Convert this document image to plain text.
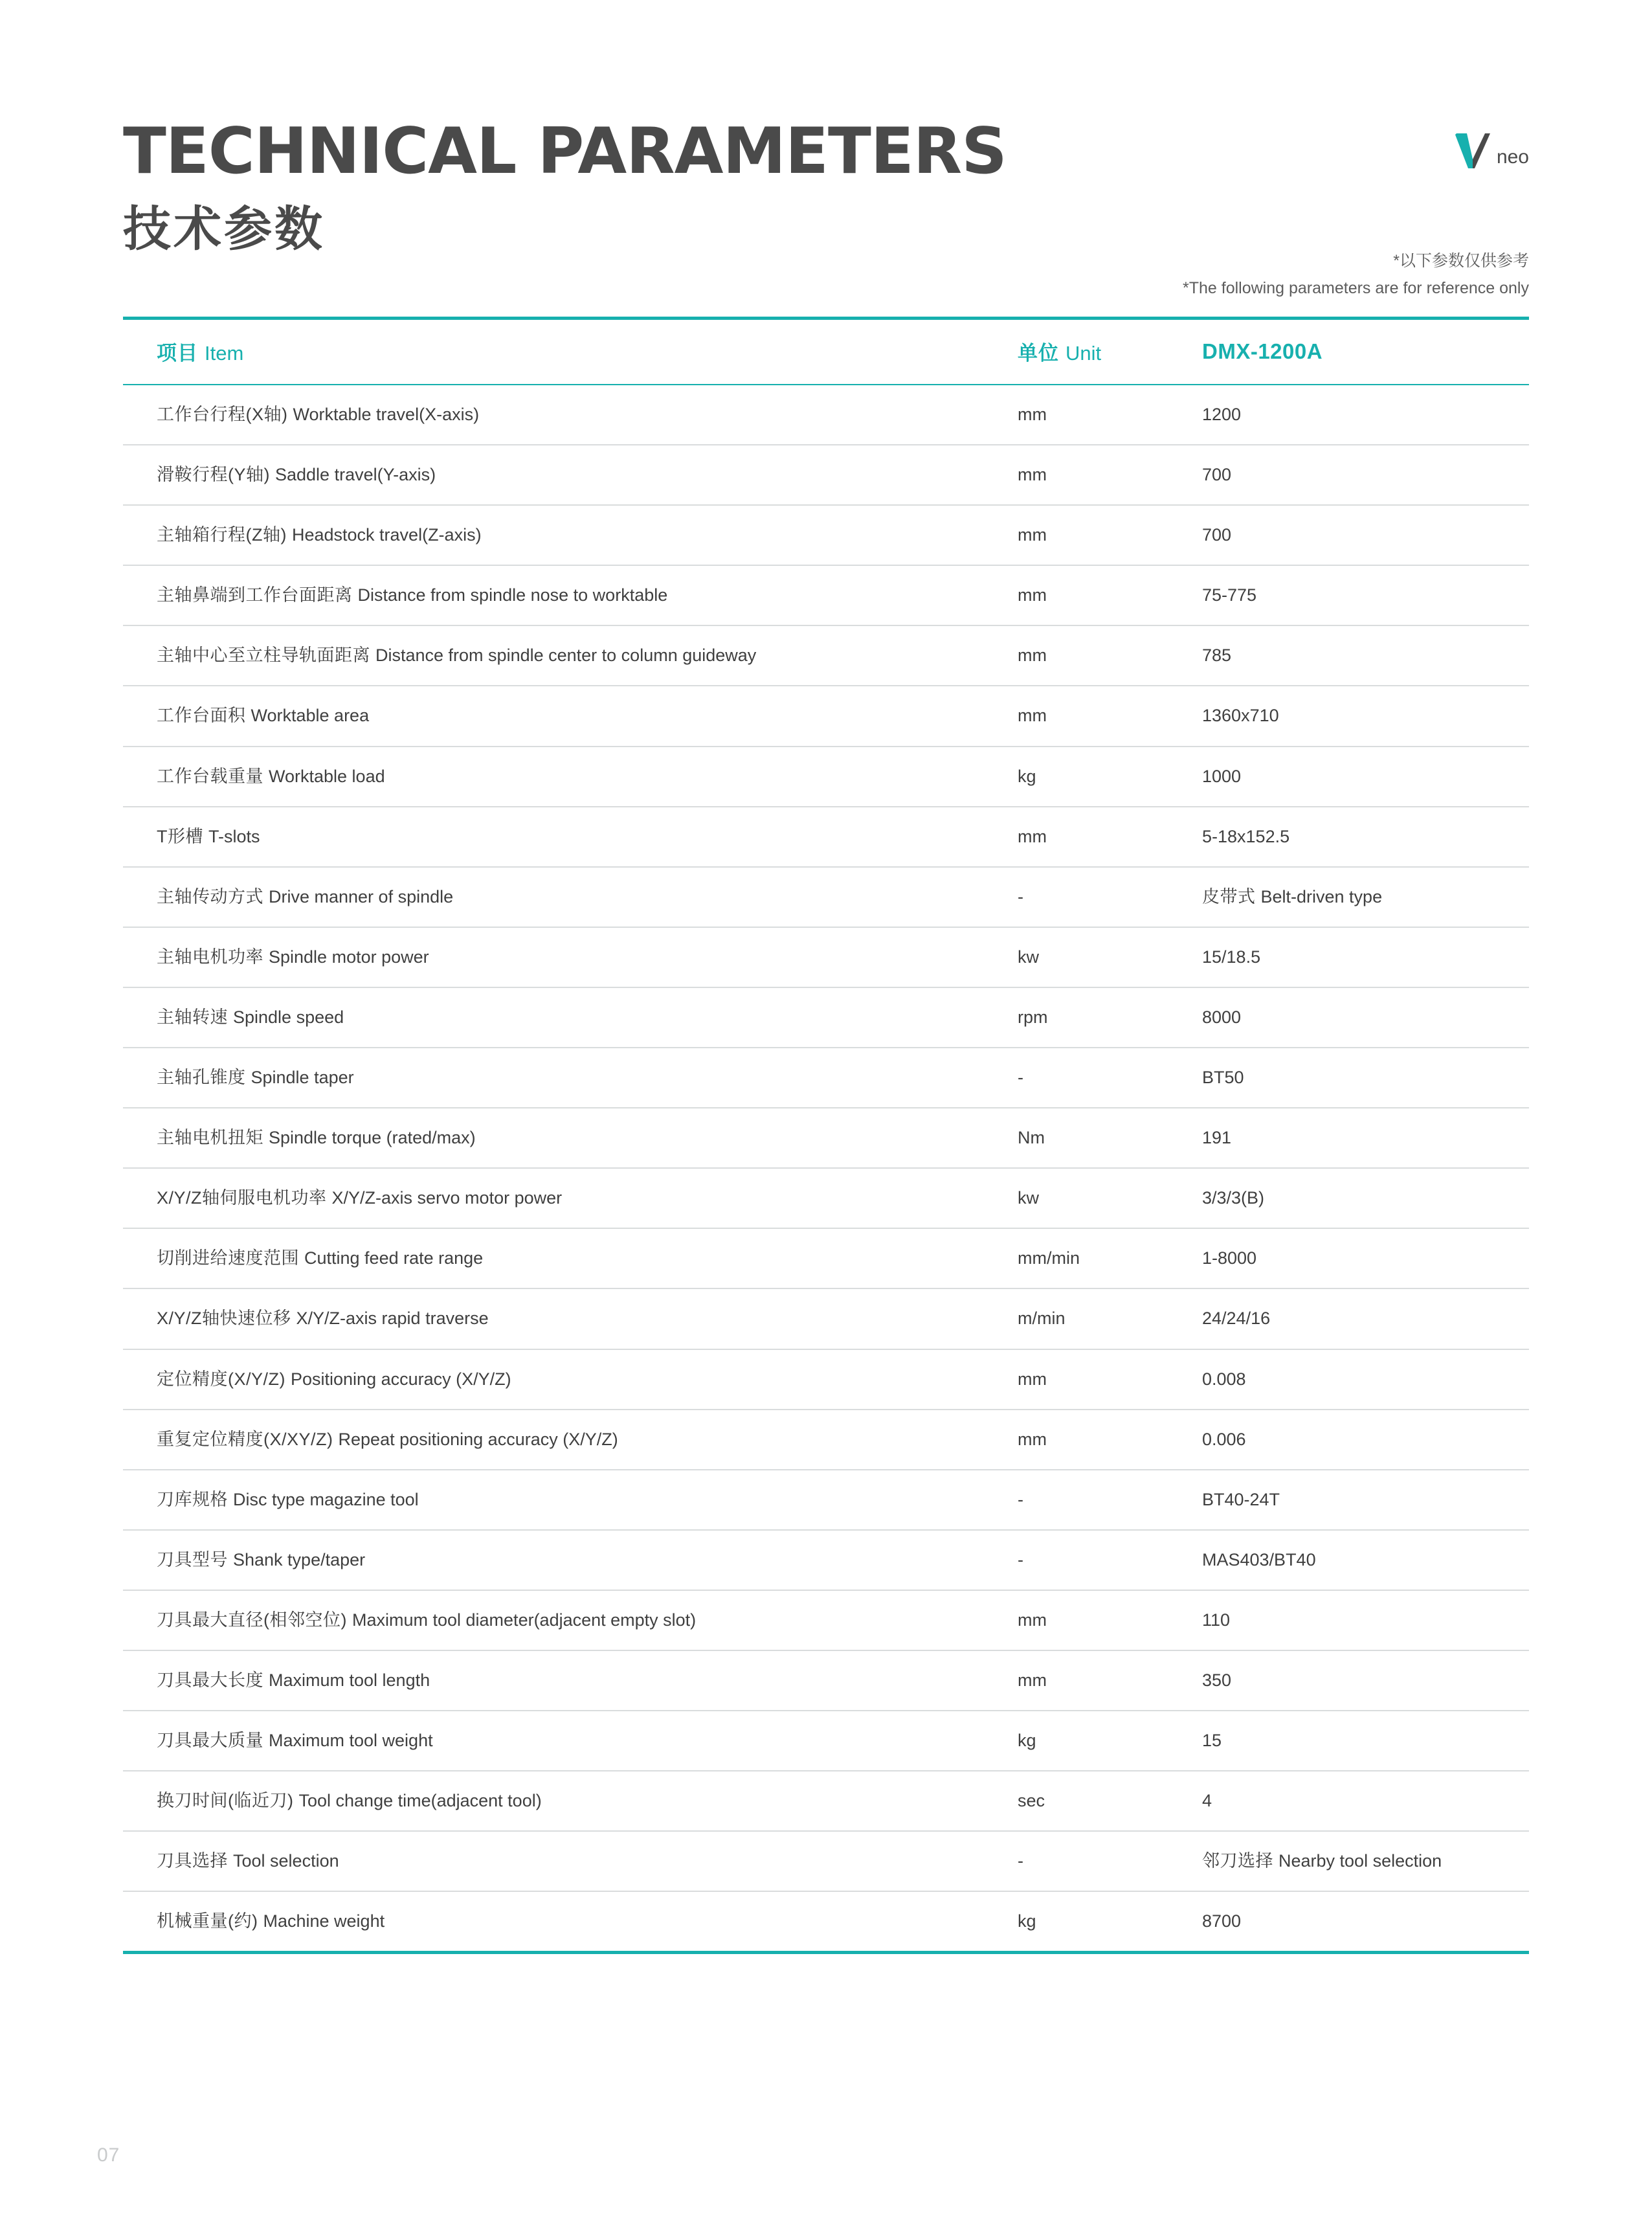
TECHNICAL PARAMETERS
技术参数
neo
*以下参数仅供参考
*The following parameters are for reference only
项目 Item	单位 Unit	DMX-1200A
工作台行程(X轴) Worktable travel(X-axis)	mm	1200
滑鞍行程(Y轴) Saddle travel(Y-axis)	mm	700
主轴箱行程(Z轴) Headstock travel(Z-axis)	mm	700
主轴鼻端到工作台面距离 Distance from spindle nose to worktable	mm	75-775
主轴中心至立柱导轨面距离 Distance from spindle center to column guideway	mm	785
工作台面积 Worktable area	mm	1360x710
工作台载重量 Worktable load	kg	1000
T形槽 T-slots	mm	5-18x152.5
主轴传动方式 Drive manner of spindle	-	皮带式 Belt-driven type
主轴电机功率 Spindle motor power	kw	15/18.5
主轴转速 Spindle speed	rpm	8000
主轴孔锥度 Spindle taper	-	BT50
主轴电机扭矩 Spindle torque (rated/max)	Nm	191
X/Y/Z轴伺服电机功率 X/Y/Z-axis servo motor power	kw	3/3/3(B)
切削进给速度范围 Cutting feed rate range	mm/min	1-8000
X/Y/Z轴快速位移 X/Y/Z-axis rapid traverse	m/min	24/24/16
定位精度(X/Y/Z) Positioning accuracy (X/Y/Z)	mm	0.008
重复定位精度(X/XY/Z) Repeat positioning accuracy (X/Y/Z)	mm	0.006
刀库规格 Disc type magazine tool	-	BT40-24T
刀具型号 Shank type/taper	-	MAS403/BT40
刀具最大直径(相邻空位) Maximum tool diameter(adjacent empty slot)	mm	110
刀具最大长度 Maximum tool length	mm	350
刀具最大质量 Maximum tool weight	kg	15
换刀时间(临近刀) Tool change time(adjacent tool)	sec	4
刀具选择 Tool selection	-	邻刀选择 Nearby tool selection
机械重量(约) Machine weight	kg	8700
07
